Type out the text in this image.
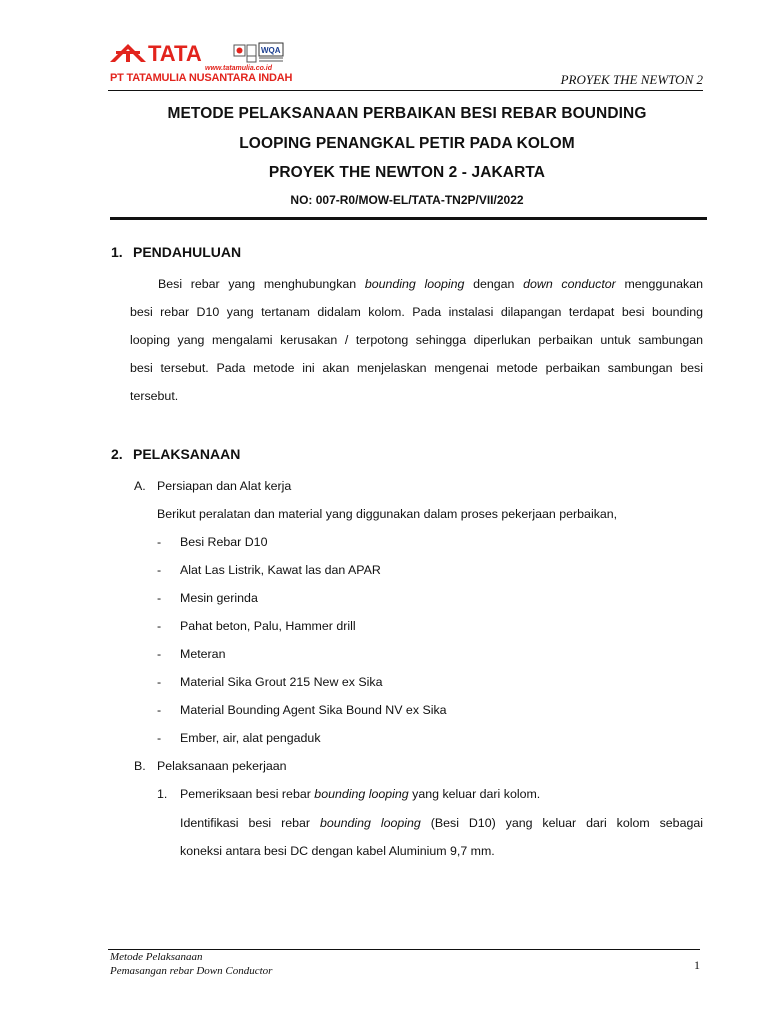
TATA	WQA
www.tatamulia.co.id
PT TATAMULIA NUSANTARA INDAH	PROYEK THE NEWTON 2
METODE PELAKSANAAN PERBAIKAN BESI REBAR BOUNDING
LOOPING PENANGKAL PETIR PADA KOLOM
PROYEK THE NEWTON 2 - JAKARTA
NO: 007-R0/MOW-EL/TATA-TN2P/VII/2022
1. PENDAHULUAN
Besi rebar yang menghubungkan bounding looping dengan down conductor menggunakan
besi rebar D10 yang tertanam didalam kolom. Pada instalasi dilapangan terdapat besi bounding
looping yang mengalami kerusakan / terpotong sehingga diperlukan perbaikan untuk sambungan
besi tersebut. Pada metode ini akan menjelaskan mengenai metode perbaikan sambungan besi
tersebut.
2. PELAKSANAAN
A. Persiapan dan Alat kerja
Berikut peralatan dan material yang diggunakan dalam proses pekerjaan perbaikan,
- Besi Rebar D10
- Alat Las Listrik, Kawat las dan APAR
- Mesin gerinda
- Pahat beton, Palu, Hammer drill
- Meteran
- Material Sika Grout 215 New ex Sika
- Material Bounding Agent Sika Bound NV ex Sika
- Ember, air, alat pengaduk
B. Pelaksanaan pekerjaan
1. Pemeriksaan besi rebar bounding looping yang keluar dari kolom.
Identifikasi besi rebar bounding looping (Besi D10) yang keluar dari kolom sebagai
koneksi antara besi DC dengan kabel Aluminium 9,7 mm.
Metode Pelaksanaan
Pemasangan rebar Down Conductor	1
